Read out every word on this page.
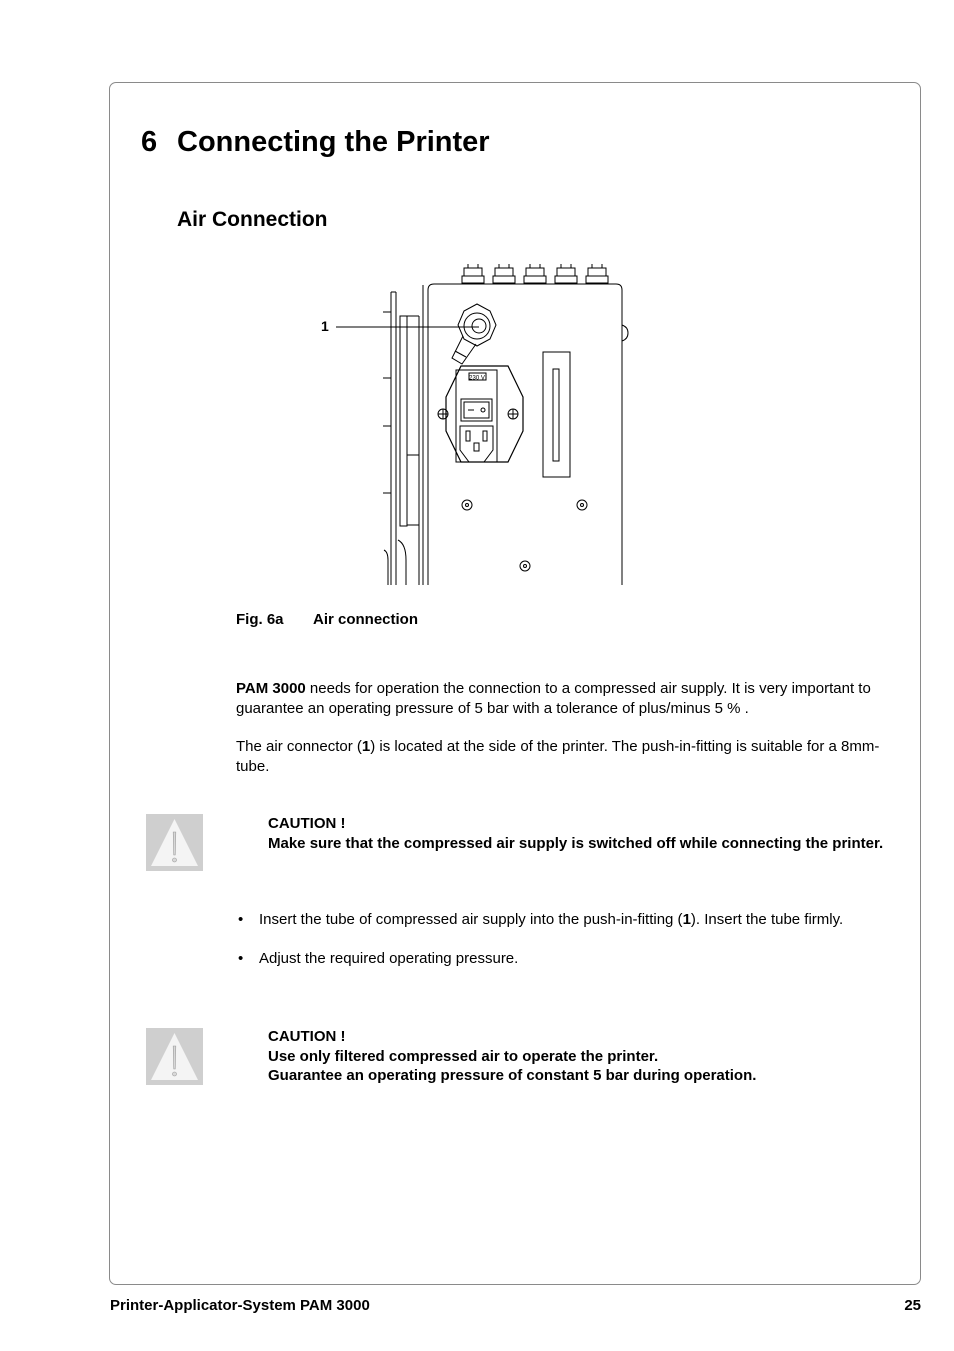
6 Connecting the Printer
Air Connection
230 V
1
Fig. 6a Air connection

PAM 3000 needs for operation the connection to a compressed air supply. It is very important to guarantee an operating pressure of 5 bar with a tolerance of plus/minus 5 % .

The air connector (1) is located at the side of the printer. The push-in-fitting is suitable for a 8mm-tube.

CAUTION !
Make sure that the compressed air supply is switched off while connecting the printer.
• Insert the tube of compressed air supply into the push-in-fitting (1). Insert the tube firmly.
• Adjust the required operating pressure.
CAUTION !
Use only filtered compressed air to operate the printer.
Guarantee an operating pressure of constant 5 bar during operation.
Printer-Applicator-System PAM 3000	25
